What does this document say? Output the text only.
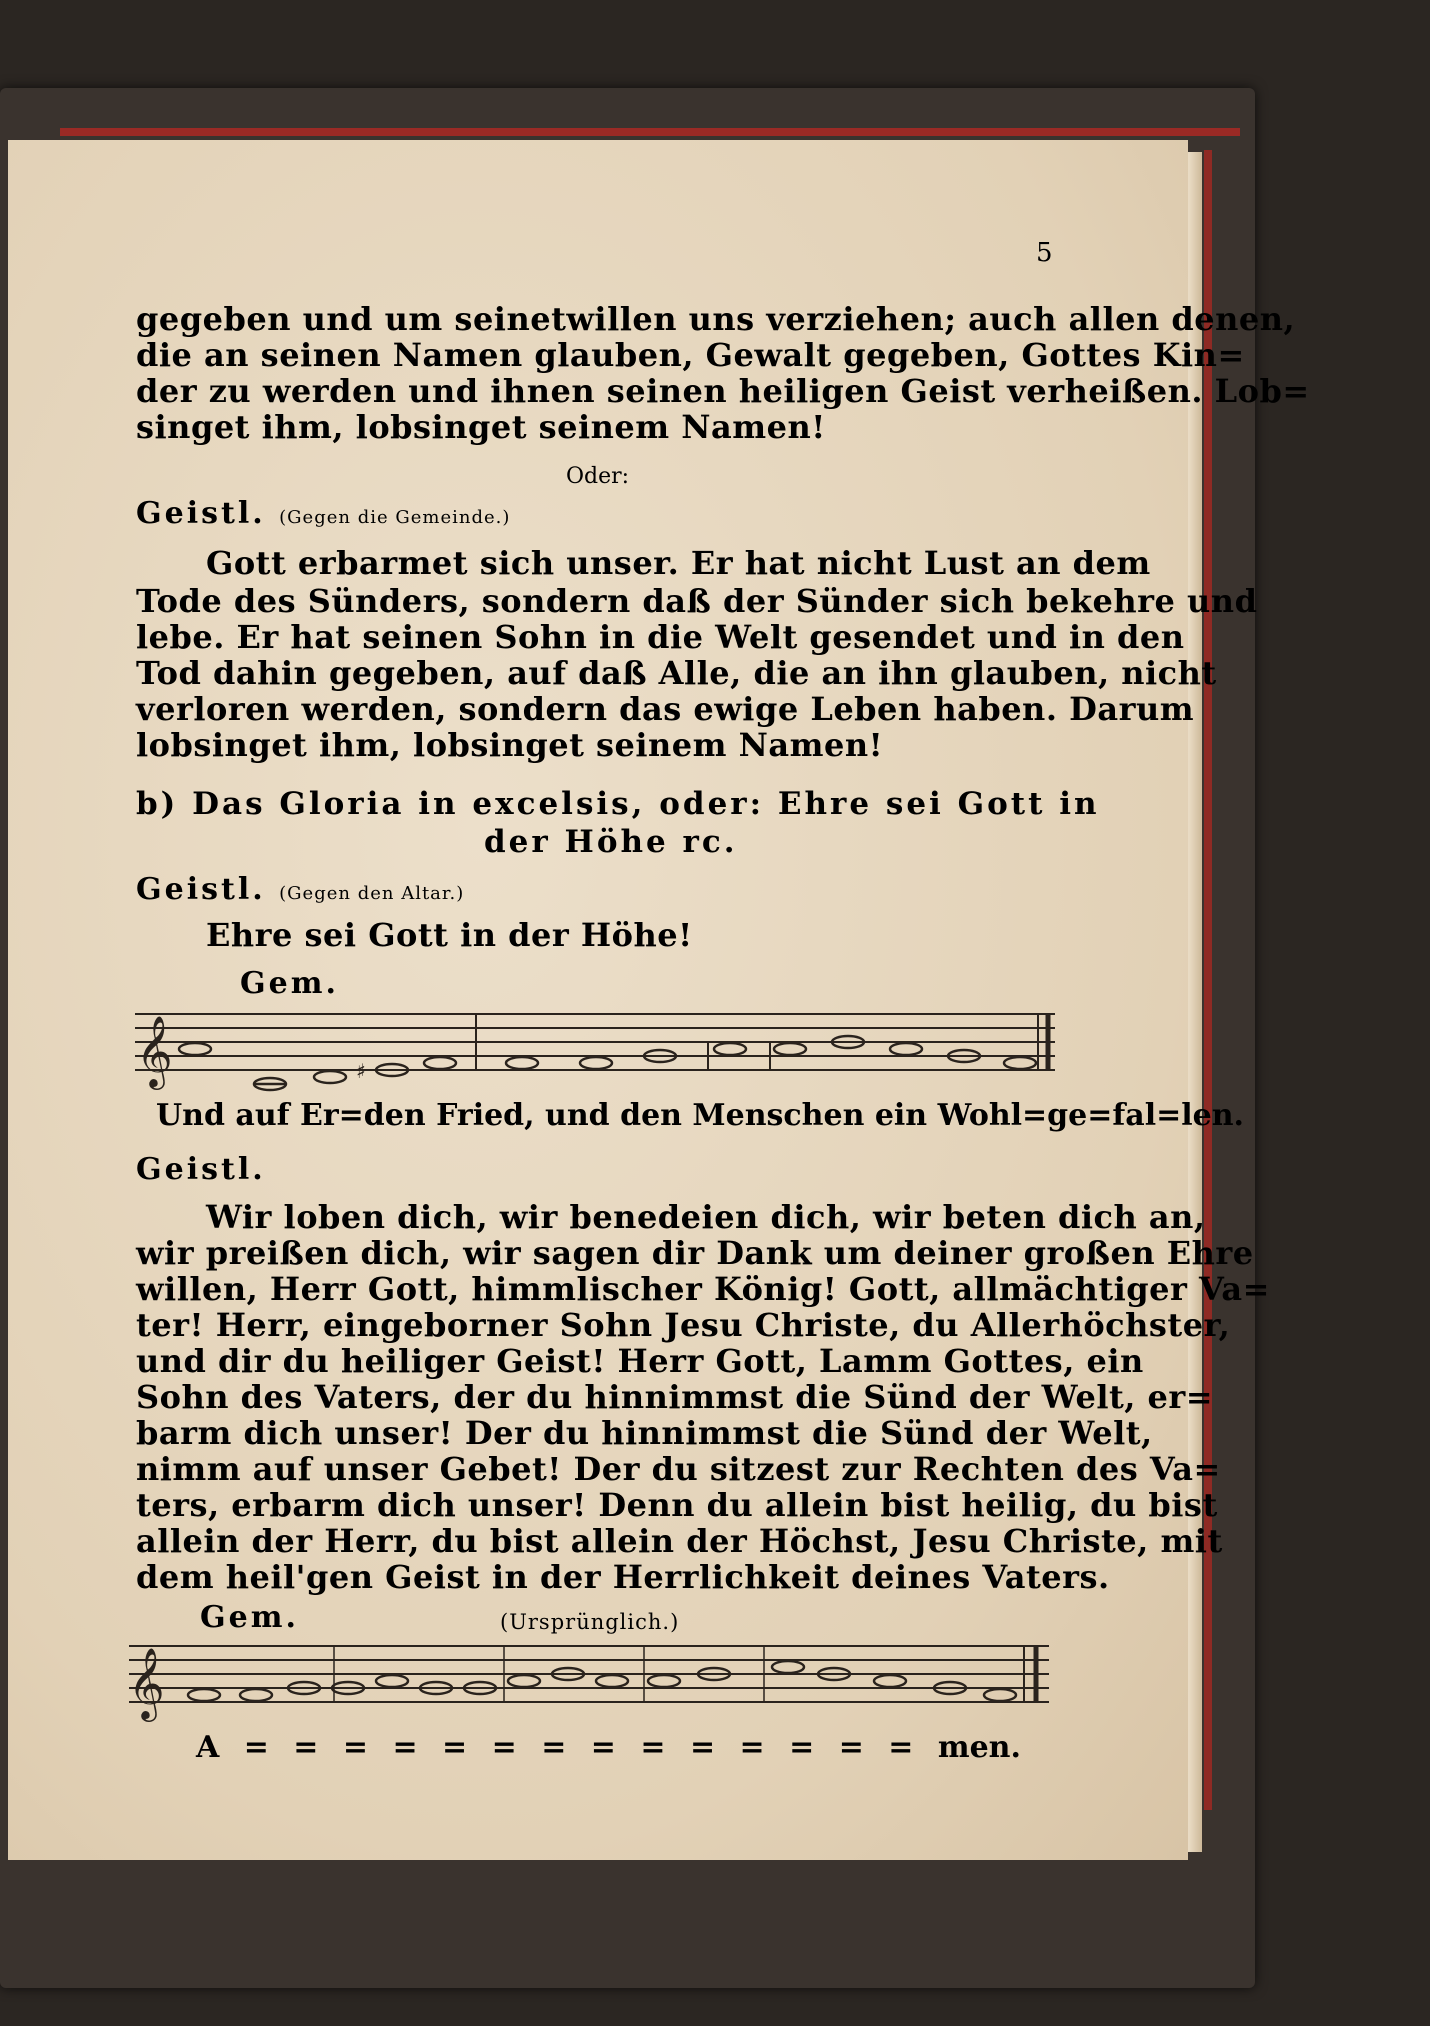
5
gegeben und um seinetwillen uns verziehen; auch allen denen,
die an seinen Namen glauben, Gewalt gegeben, Gottes Kin=
der zu werden und ihnen seinen heiligen Geist verheißen. Lob=
singet ihm, lobsinget seinem Namen!
Oder:
Geistl. (Gegen die Gemeinde.)
Gott erbarmet sich unser. Er hat nicht Lust an dem
Tode des Sünders, sondern daß der Sünder sich bekehre und
lebe. Er hat seinen Sohn in die Welt gesendet und in den
Tod dahin gegeben, auf daß Alle, die an ihn glauben, nicht
verloren werden, sondern das ewige Leben haben. Darum
lobsinget ihm, lobsinget seinem Namen!
b) Das Gloria in excelsis, oder: Ehre sei Gott in
der Höhe rc.
Geistl. (Gegen den Altar.)
Ehre sei Gott in der Höhe!
Gem.
𝄞	♯
Und auf Er=den Fried, und den Menschen ein Wohl=ge=fal=len.
Geistl.
Wir loben dich, wir benedeien dich, wir beten dich an,
wir preißen dich, wir sagen dir Dank um deiner großen Ehre
willen, Herr Gott, himmlischer König! Gott, allmächtiger Va=
ter! Herr, eingeborner Sohn Jesu Christe, du Allerhöchster,
und dir du heiliger Geist! Herr Gott, Lamm Gottes, ein
Sohn des Vaters, der du hinnimmst die Sünd der Welt, er=
barm dich unser! Der du hinnimmst die Sünd der Welt,
nimm auf unser Gebet! Der du sitzest zur Rechten des Va=
ters, erbarm dich unser! Denn du allein bist heilig, du bist
allein der Herr, du bist allein der Höchst, Jesu Christe, mit
dem heil'gen Geist in der Herrlichkeit deines Vaters.
Gem.	(Ursprünglich.)
𝄞
A = = = = = = = = = = = = = = men.
